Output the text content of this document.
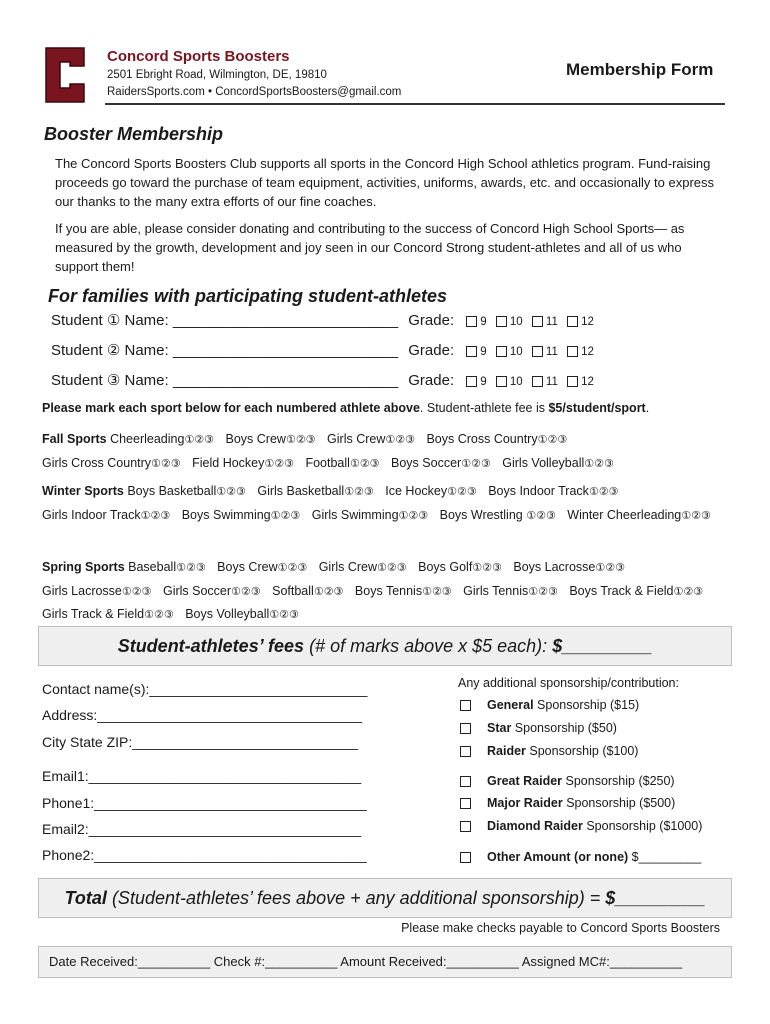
Concord Sports Boosters
2501 Ebright Road, Wilmington, DE, 19810
RaidersSports.com • ConcordSportsBoosters@gmail.com
Membership Form
Booster Membership
The Concord Sports Boosters Club supports all sports in the Concord High School athletics program. Fund-raising proceeds go toward the purchase of team equipment, activities, uniforms, awards, etc. and occasionally to express our thanks to the many extra efforts of our fine coaches.
If you are able, please consider donating and contributing to the success of Concord High School Sports— as measured by the growth, development and joy seen in our Concord Strong student-athletes and all of us who support them!
For families with participating student-athletes
Student ① Name: ___________________________ Grade: 9 10 11 12
Student ② Name: ___________________________ Grade: 9 10 11 12
Student ③ Name: ___________________________ Grade: 9 10 11 12
Please mark each sport below for each numbered athlete above. Student-athlete fee is $5/student/sport.
Fall Sports Cheerleading①②③ Boys Crew①②③ Girls Crew①②③ Boys Cross Country①②③ Girls Cross Country①②③ Field Hockey①②③ Football①②③ Boys Soccer①②③ Girls Volleyball①②③
Winter Sports Boys Basketball①②③ Girls Basketball①②③ Ice Hockey①②③ Boys Indoor Track①②③ Girls Indoor Track①②③ Boys Swimming①②③ Girls Swimming①②③ Boys Wrestling ①②③ Winter Cheerleading①②③
Spring Sports Baseball①②③ Boys Crew①②③ Girls Crew①②③ Boys Golf①②③ Boys Lacrosse①②③ Girls Lacrosse①②③ Girls Soccer①②③ Softball①②③ Boys Tennis①②③ Girls Tennis①②③ Boys Track & Field①②③ Girls Track & Field①②③ Boys Volleyball①②③
Student-athletes’ fees (# of marks above x $5 each): $_________
Contact name(s):____________________________
Address:__________________________________
City State ZIP:_____________________________
Email1:___________________________________
Phone1:___________________________________
Email2:___________________________________
Phone2:___________________________________
Any additional sponsorship/contribution:
General Sponsorship ($15)
Star Sponsorship ($50)
Raider Sponsorship ($100)
Great Raider Sponsorship ($250)
Major Raider Sponsorship ($500)
Diamond Raider Sponsorship ($1000)
Other Amount (or none) $_________
Total (Student-athletes’ fees above + any additional sponsorship) = $_________
Please make checks payable to Concord Sports Boosters
Date Received:__________ Check #:__________ Amount Received:__________ Assigned MC#:__________
